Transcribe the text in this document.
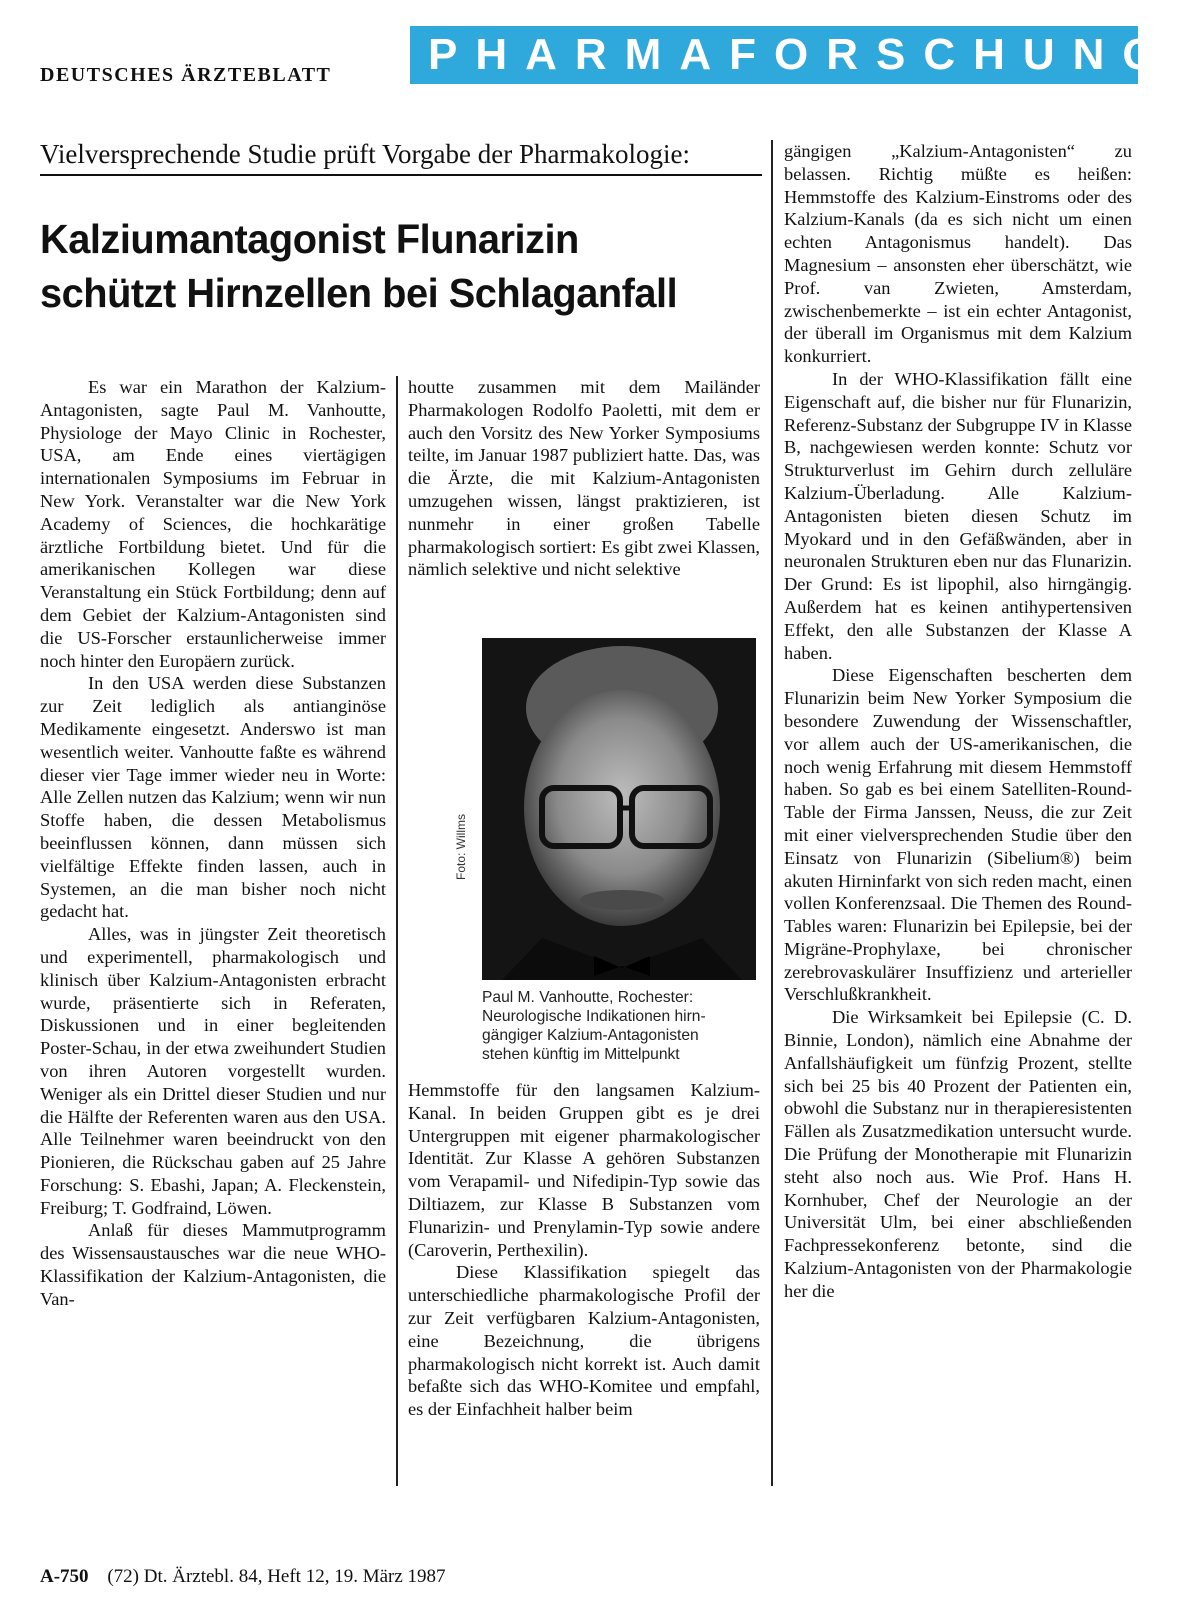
DEUTSCHES ÄRZTEBLATT	PHARMAFORSCHUNG
Vielversprechende Studie prüft Vorgabe der Pharmakologie:
Kalziumantagonist Flunarizin
schützt Hirnzellen bei Schlaganfall

Es war ein Marathon der Kalzium-Antagonisten, sagte Paul M. Vanhoutte, Physiologe der Mayo Clinic in Rochester, USA, am Ende eines viertägigen internationalen Symposiums im Februar in New York. Veranstalter war die New York Academy of Sciences, die hochkarätige ärztliche Fortbildung bietet. Und für die amerikanischen Kollegen war diese Veranstaltung ein Stück Fortbildung; denn auf dem Gebiet der Kalzium-Antagonisten sind die US-Forscher erstaunlicherweise immer noch hinter den Europäern zurück.

In den USA werden diese Substanzen zur Zeit lediglich als antianginöse Medikamente eingesetzt. Anderswo ist man wesentlich weiter. Vanhoutte faßte es während dieser vier Tage immer wieder neu in Worte: Alle Zellen nutzen das Kalzium; wenn wir nun Stoffe haben, die dessen Metabolismus beeinflussen können, dann müssen sich vielfältige Effekte finden lassen, auch in Systemen, an die man bisher noch nicht gedacht hat.

Alles, was in jüngster Zeit theoretisch und experimentell, pharmakologisch und klinisch über Kalzium-Antagonisten erbracht wurde, präsentierte sich in Referaten, Diskussionen und in einer begleitenden Poster-Schau, in der etwa zweihundert Studien von ihren Autoren vorgestellt wurden. Weniger als ein Drittel dieser Studien und nur die Hälfte der Referenten waren aus den USA. Alle Teilnehmer waren beeindruckt von den Pionieren, die Rückschau gaben auf 25 Jahre Forschung: S. Ebashi, Japan; A. Fleckenstein, Freiburg; T. Godfraind, Löwen.

Anlaß für dieses Mammutprogramm des Wissensaustausches war die neue WHO-Klassifikation der Kalzium-Antagonisten, die Van-

houtte zusammen mit dem Mailänder Pharmakologen Rodolfo Paoletti, mit dem er auch den Vorsitz des New Yorker Symposiums teilte, im Januar 1987 publiziert hatte. Das, was die Ärzte, die mit Kalzium-Antagonisten umzugehen wissen, längst praktizieren, ist nunmehr in einer großen Tabelle pharmakologisch sortiert: Es gibt zwei Klassen, nämlich selektive und nicht selektive

Foto: Willms
Paul M. Vanhoutte, Rochester:
Neurologische Indikationen hirn-
gängiger Kalzium-Antagonisten
stehen künftig im Mittelpunkt

Hemmstoffe für den langsamen Kalzium-Kanal. In beiden Gruppen gibt es je drei Untergruppen mit eigener pharmakologischer Identität. Zur Klasse A gehören Substanzen vom Verapamil- und Nifedipin-Typ sowie das Diltiazem, zur Klasse B Substanzen vom Flunarizin- und Prenylamin-Typ sowie andere (Caroverin, Perthexilin).

Diese Klassifikation spiegelt das unterschiedliche pharmakologische Profil der zur Zeit verfügbaren Kalzium-Antagonisten, eine Bezeichnung, die übrigens pharmakologisch nicht korrekt ist. Auch damit befaßte sich das WHO-Komitee und empfahl, es der Einfachheit halber beim

gängigen „Kalzium-Antagonisten“ zu belassen. Richtig müßte es heißen: Hemmstoffe des Kalzium-Einstroms oder des Kalzium-Kanals (da es sich nicht um einen echten Antagonismus handelt). Das Magnesium – ansonsten eher überschätzt, wie Prof. van Zwieten, Amsterdam, zwischenbemerkte – ist ein echter Antagonist, der überall im Organismus mit dem Kalzium konkurriert.

In der WHO-Klassifikation fällt eine Eigenschaft auf, die bisher nur für Flunarizin, Referenz-Substanz der Subgruppe IV in Klasse B, nachgewiesen werden konnte: Schutz vor Strukturverlust im Gehirn durch zelluläre Kalzium-Überladung. Alle Kalzium-Antagonisten bieten diesen Schutz im Myokard und in den Gefäßwänden, aber in neuronalen Strukturen eben nur das Flunarizin. Der Grund: Es ist lipophil, also hirngängig. Außerdem hat es keinen antihypertensiven Effekt, den alle Substanzen der Klasse A haben.

Diese Eigenschaften bescherten dem Flunarizin beim New Yorker Symposium die besondere Zuwendung der Wissenschaftler, vor allem auch der US-amerikanischen, die noch wenig Erfahrung mit diesem Hemmstoff haben. So gab es bei einem Satelliten-Round-Table der Firma Janssen, Neuss, die zur Zeit mit einer vielversprechenden Studie über den Einsatz von Flunarizin (Sibelium®) beim akuten Hirninfarkt von sich reden macht, einen vollen Konferenzsaal. Die Themen des Round-Tables waren: Flunarizin bei Epilepsie, bei der Migräne-Prophylaxe, bei chronischer zerebrovaskulärer Insuffizienz und arterieller Verschlußkrankheit.

Die Wirksamkeit bei Epilepsie (C. D. Binnie, London), nämlich eine Abnahme der Anfallshäufigkeit um fünfzig Prozent, stellte sich bei 25 bis 40 Prozent der Patienten ein, obwohl die Substanz nur in therapieresistenten Fällen als Zusatzmedikation untersucht wurde. Die Prüfung der Monotherapie mit Flunarizin steht also noch aus. Wie Prof. Hans H. Kornhuber, Chef der Neurologie an der Universität Ulm, bei einer abschließenden Fachpressekonferenz betonte, sind die Kalzium-Antagonisten von der Pharmakologie her die

A-750 (72) Dt. Ärztebl. 84, Heft 12, 19. März 1987
